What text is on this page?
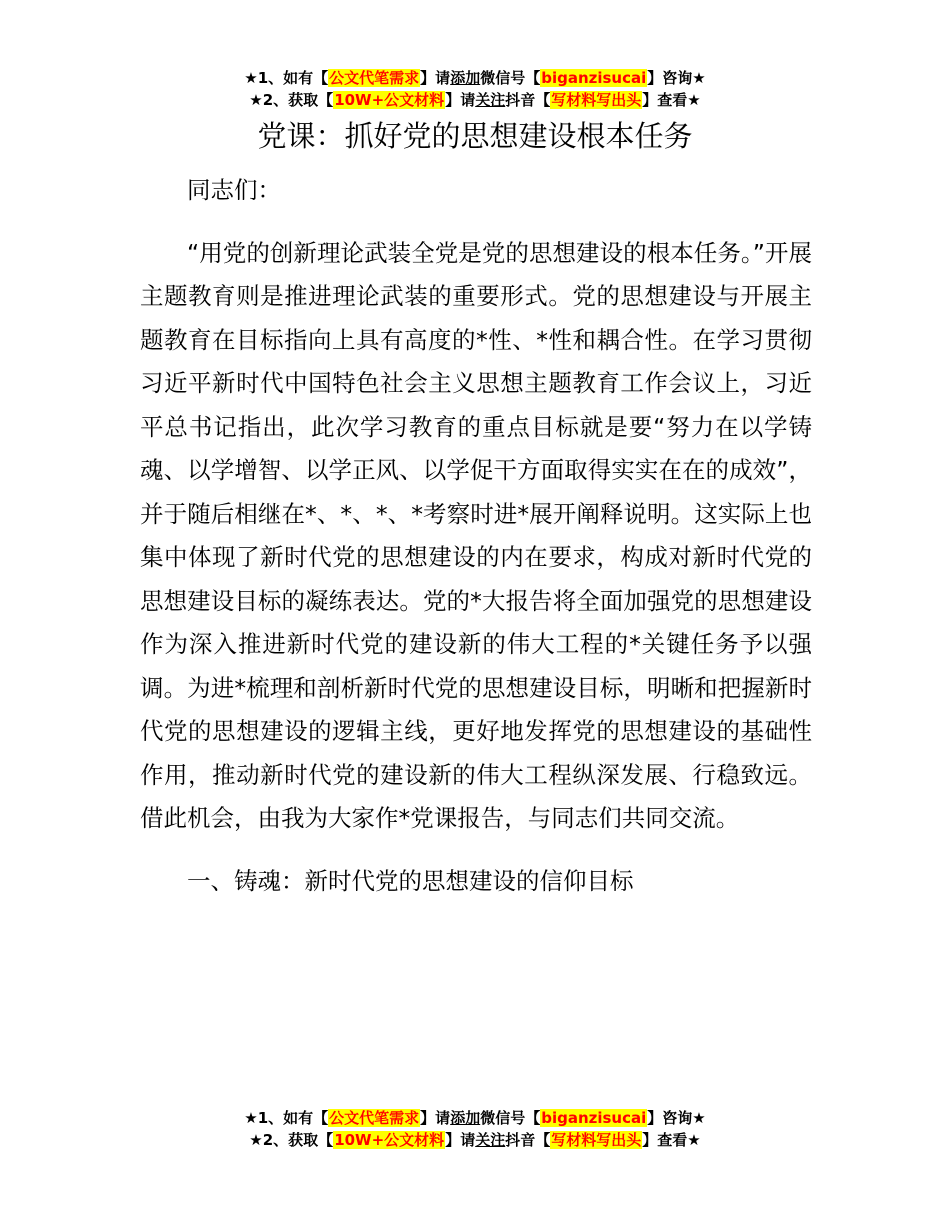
★1、如有【公文代笔需求】请添加微信号【biganzisucai】咨询★
★2、获取【10W+公文材料】请关注抖音【写材料写出头】查看★
党课：抓好党的思想建设根本任务

同志们：

“用党的创新理论武装全党是党的思想建设的根本任务。”开展主题教育则是推进理论武装的重要形式。党的思想建设与开展主题教育在目标指向上具有高度的*性、*性和耦合性。在学习贯彻习近平新时代中国特色社会主义思想主题教育工作会议上，习近平总书记指出，此次学习教育的重点目标就是要“努力在以学铸魂、以学增智、以学正风、以学促干方面取得实实在在的成效”，并于随后相继在*、*、*、*考察时进*展开阐释说明。这实际上也集中体现了新时代党的思想建设的内在要求，构成对新时代党的思想建设目标的凝练表达。党的*大报告将全面加强党的思想建设作为深入推进新时代党的建设新的伟大工程的*关键任务予以强调。为进*梳理和剖析新时代党的思想建设目标，明晰和把握新时代党的思想建设的逻辑主线，更好地发挥党的思想建设的基础性作用，推动新时代党的建设新的伟大工程纵深发展、行稳致远。借此机会，由我为大家作*党课报告，与同志们共同交流。

一、铸魂：新时代党的思想建设的信仰目标

★1、如有【公文代笔需求】请添加微信号【biganzisucai】咨询★
★2、获取【10W+公文材料】请关注抖音【写材料写出头】查看★
